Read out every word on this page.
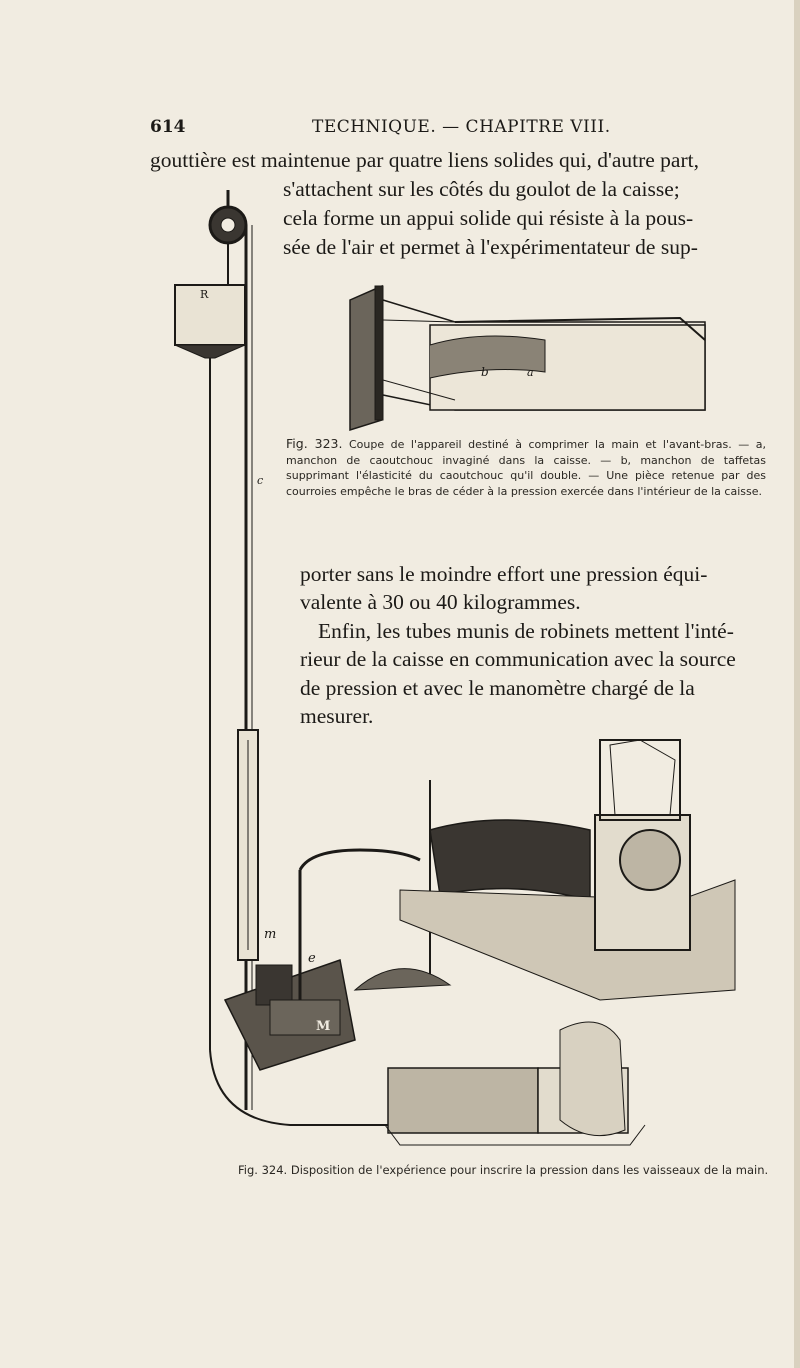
614	TECHNIQUE. — CHAPITRE VIII.
gouttière est maintenue par quatre liens solides qui, d'autre part,
s'attachent sur les côtés du goulot de la caisse;
cela forme un appui solide qui résiste à la pous-
sée de l'air et permet à l'expérimentateur de sup-
R
c
b	a
m
e
M
Fig. 323. Coupe de l'appareil destiné à comprimer la main et l'avant-bras. — a, manchon de caoutchouc invaginé dans la caisse. — b, manchon de taffetas supprimant l'élasticité du caoutchouc qu'il double. — Une pièce retenue par des courroies empêche le bras de céder à la pression exercée dans l'intérieur de la caisse.
porter sans le moindre effort une pression équi-
valente à 30 ou 40 kilogrammes.
Enfin, les tubes munis de robinets mettent l'inté-
rieur de la caisse en communication avec la source
de pression et avec le manomètre chargé de la
mesurer.
Fig. 324. Disposition de l'expérience pour inscrire la pression dans les vaisseaux de la main.
